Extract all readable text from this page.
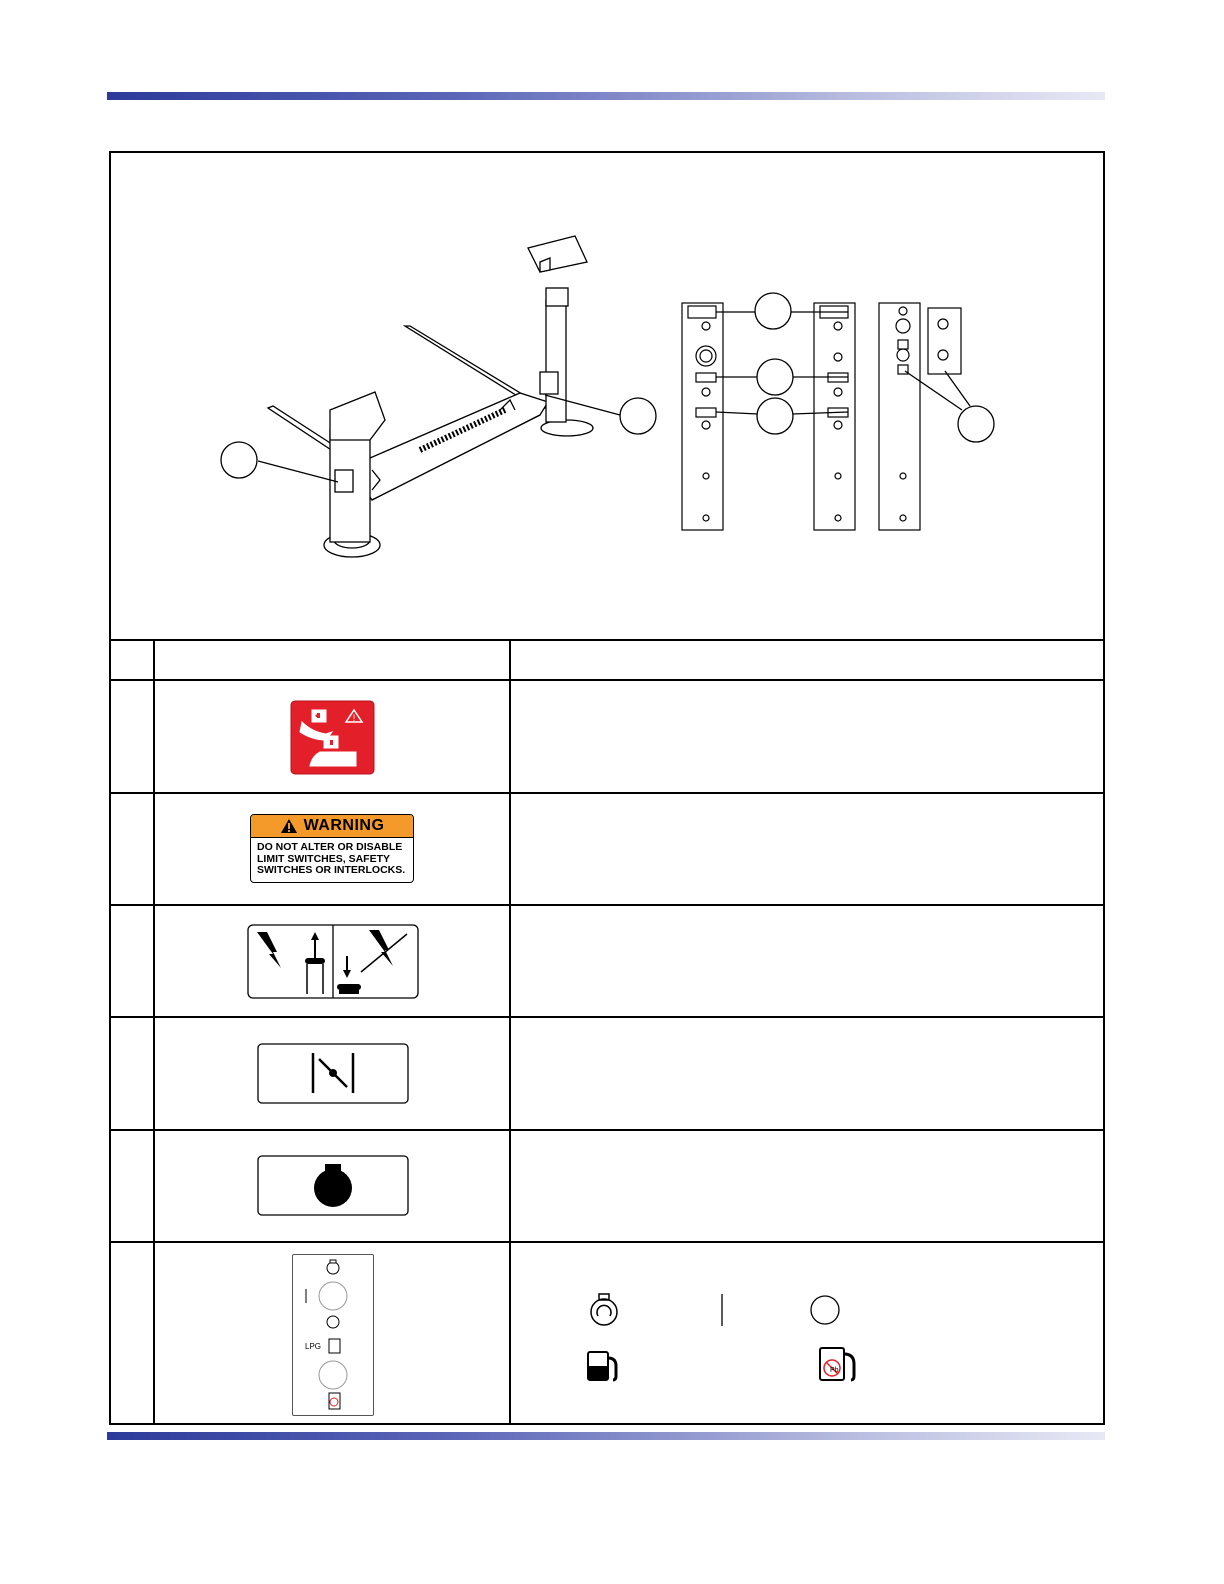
!
WARNING
DO NOT ALTER OR DISABLE
LIMIT SWITCHES, SAFETY
SWITCHES OR INTERLOCKS.
LPG
Pb
